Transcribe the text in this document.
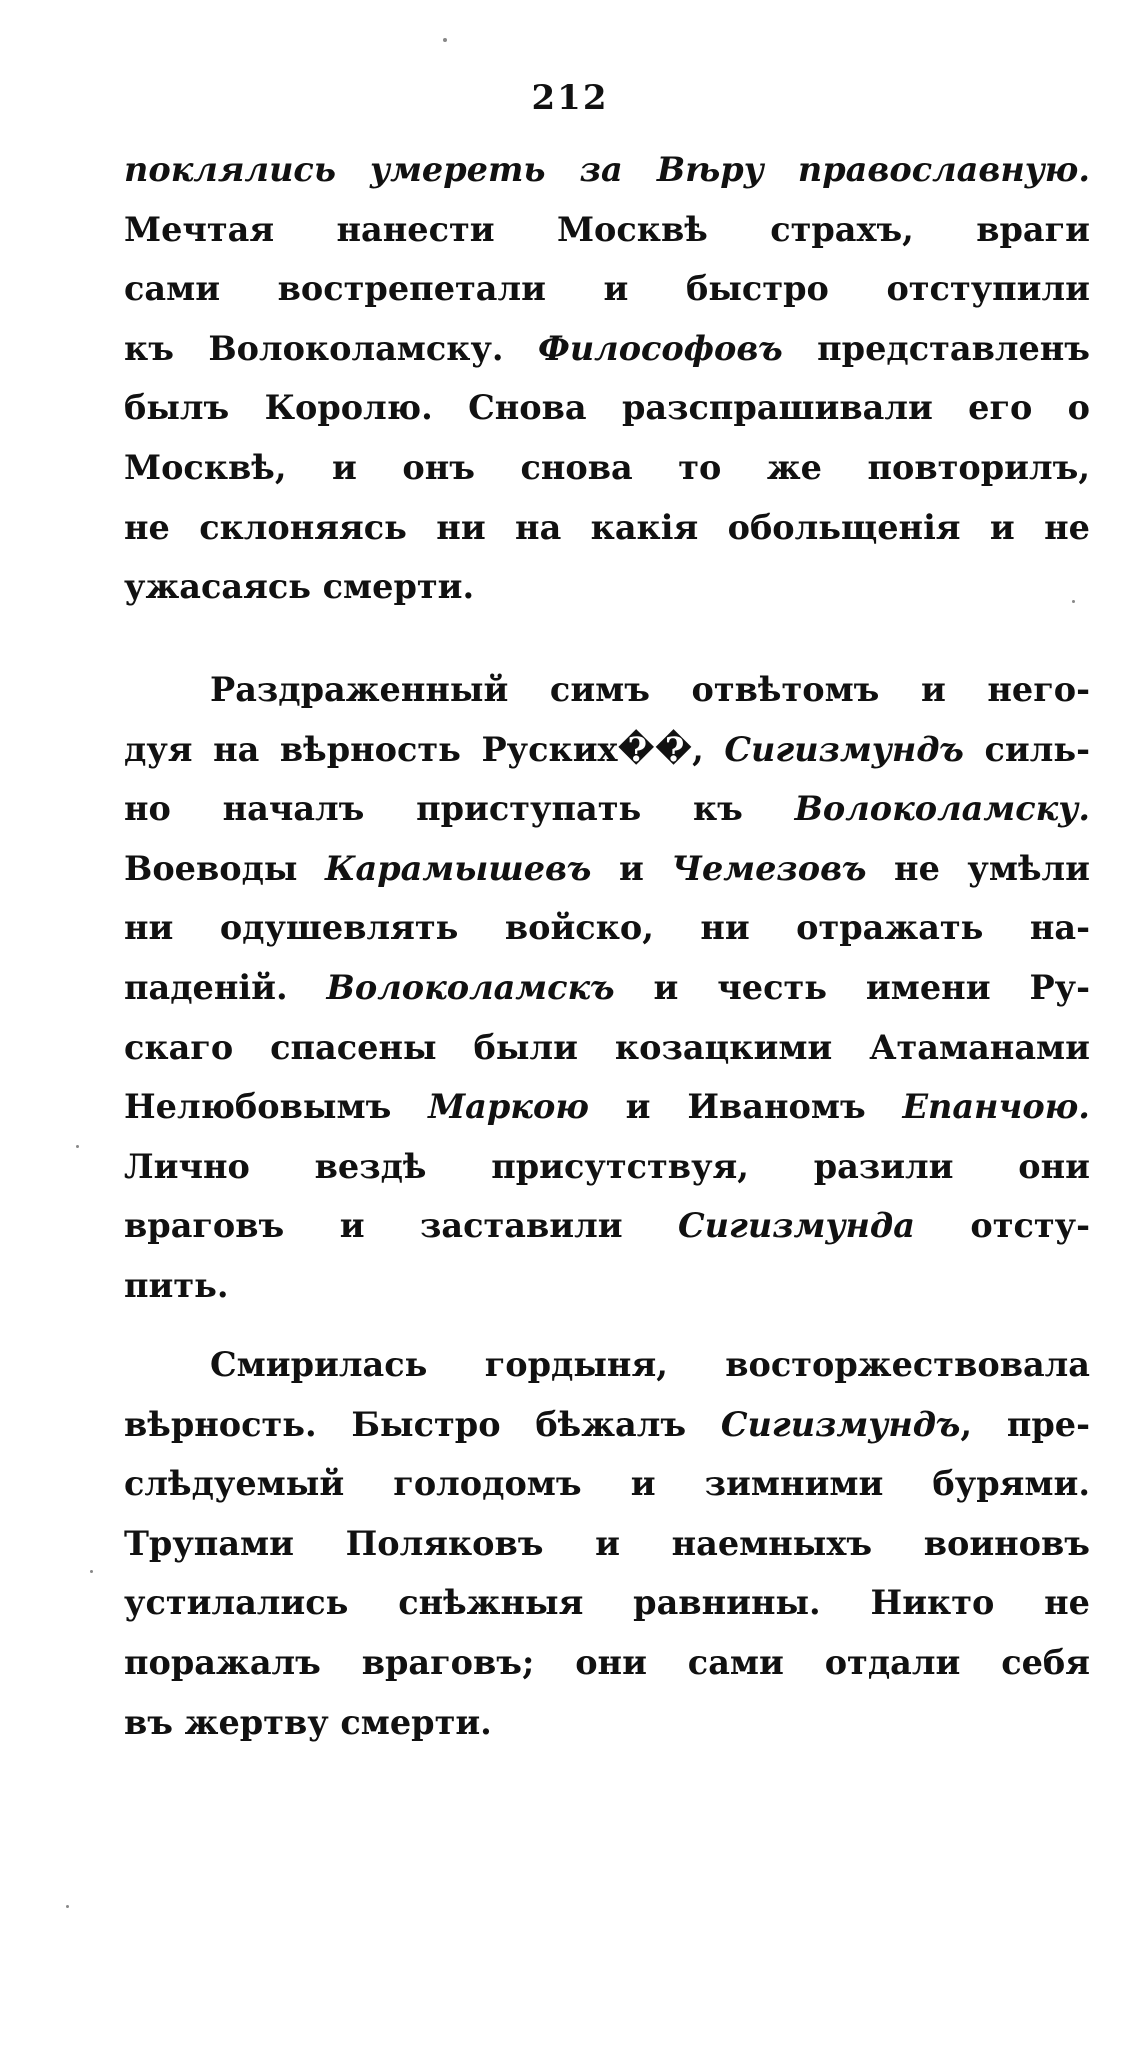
212
поклялись умереть за Вѣру православную.
Мечтая нанести Москвѣ страхъ, враги
сами вострепетали и быстро отступили
къ Волоколамску. Философовъ представленъ
былъ Королю. Снова разспрашивали его о
Москвѣ, и онъ снова то же повторилъ,
не склоняясь ни на какія обольщенія и не
ужасаясь смерти.
Раздраженный симъ отвѣтомъ и него-
дуя на вѣрность Руских��, Сигизмундъ силь-
но началъ приступать къ Волоколамску.
Воеводы Карамышевъ и Чемезовъ не умѣли
ни одушевлять войско, ни отражать на-
паденій. Волоколамскъ и честь имени Ру-
скаго спасены были козацкими Атаманами
Нелюбовымъ Маркою и Иваномъ Епанчою.
Лично вездѣ присутствуя, разили они
враговъ и заставили Сигизмунда отсту-
пить.
Смирилась гордыня, восторжествовала
вѣрность. Быстро бѣжалъ Сигизмундъ, пре-
слѣдуемый голодомъ и зимними бурями.
Трупами Поляковъ и наемныхъ воиновъ
устилались снѣжныя равнины. Никто не
поражалъ враговъ; они сами отдали себя
въ жертву смерти.
